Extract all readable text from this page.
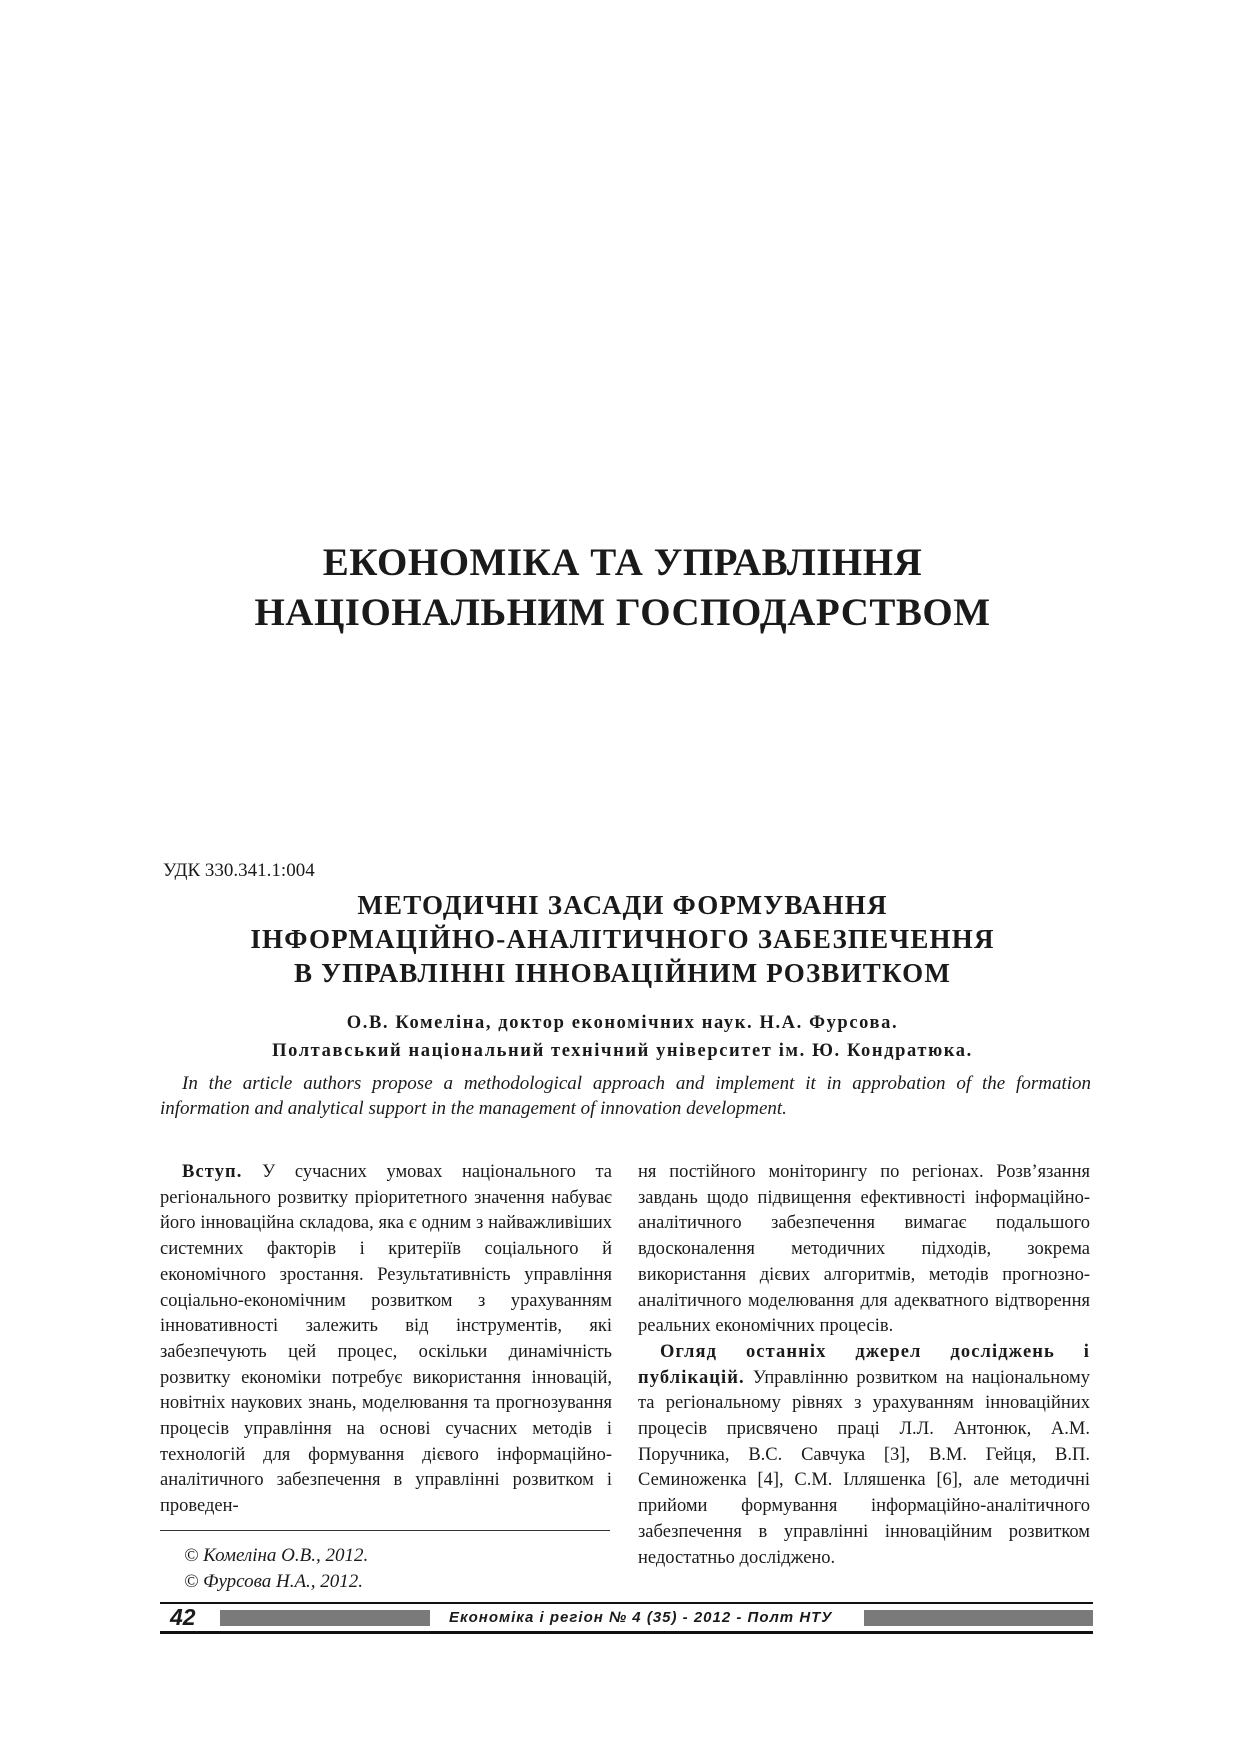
ЕКОНОМІКА ТА УПРАВЛІННЯ
НАЦІОНАЛЬНИМ ГОСПОДАРСТВОМ
УДК 330.341.1:004
МЕТОДИЧНІ ЗАСАДИ ФОРМУВАННЯ
ІНФОРМАЦІЙНО-АНАЛІТИЧНОГО ЗАБЕЗПЕЧЕННЯ
В УПРАВЛІННІ ІННОВАЦІЙНИМ РОЗВИТКОМ
О.В. Комеліна, доктор економічних наук. Н.А. Фурсова.
Полтавський національний технічний університет ім. Ю. Кондратюка.
In the article authors propose a methodological approach and implement it in approbation of the formation information and analytical support in the management of innovation development.

Вступ. У сучасних умовах національного та регіонального розвитку пріоритетного значення набуває його інноваційна складова, яка є одним з найважливіших системних факторів і критеріїв соціального й економічного зростання. Результативність управління соціально-економічним розвитком з урахуванням інновативності залежить від інструментів, які забезпечують цей процес, оскільки динамічність розвитку економіки потребує використання інновацій, новітніх наукових знань, моделювання та прогнозування процесів управління на основі сучасних методів і технологій для формування дієвого інформаційно-аналітичного забезпечення в управлінні розвитком і проведен-

ня постійного моніторингу по регіонах. Розв’язання завдань щодо підвищення ефективності інформаційно-аналітичного забезпечення вимагає подальшого вдосконалення методичних підходів, зокрема використання дієвих алгоритмів, методів прогнозно-аналітичного моделювання для адекватного відтворення реальних економічних процесів.

Огляд останніх джерел досліджень і публікацій. Управлінню розвитком на національному та регіональному рівнях з урахуванням інноваційних процесів присвячено праці Л.Л. Антонюк, А.М. Поручника, В.С. Савчука [3], В.М. Гейця, В.П. Семиноженка [4], С.М. Ілляшенка [6], але методичні прийоми формування інформаційно-аналітичного забезпечення в управлінні інноваційним розвитком недостатньо досліджено.

© Комеліна О.В., 2012.
© Фурсова Н.А., 2012.
42	Економіка і регіон № 4 (35) - 2012 - Полт НТУ
